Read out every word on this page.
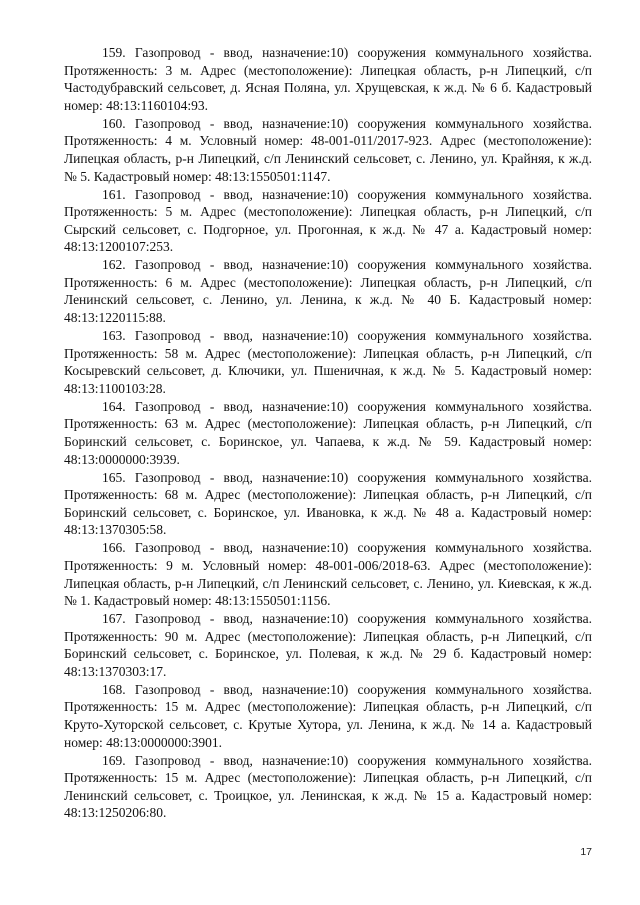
159. Газопровод - ввод, назначение:10) сооружения коммунального хозяйства. Протяженность: 3 м. Адрес (местоположение): Липецкая область, р-н Липецкий, с/п Частодубравский сельсовет, д. Ясная Поляна, ул. Хрущевская, к ж.д. № 6 б. Кадастровый номер: 48:13:1160104:93.

160. Газопровод - ввод, назначение:10) сооружения коммунального хозяйства. Протяженность: 4 м. Условный номер: 48-001-011/2017-923. Адрес (местоположение): Липецкая область, р-н Липецкий, с/п Ленинский сельсовет, с. Ленино, ул. Крайняя, к ж.д. № 5. Кадастровый номер: 48:13:1550501:1147.

161. Газопровод - ввод, назначение:10) сооружения коммунального хозяйства. Протяженность: 5 м. Адрес (местоположение): Липецкая область, р-н Липецкий, с/п Сырский сельсовет, с. Подгорное, ул. Прогонная, к ж.д. № 47 а. Кадастровый номер: 48:13:1200107:253.

162. Газопровод - ввод, назначение:10) сооружения коммунального хозяйства. Протяженность: 6 м. Адрес (местоположение): Липецкая область, р-н Липецкий, с/п Ленинский сельсовет, с. Ленино, ул. Ленина, к ж.д. № 40 Б. Кадастровый номер: 48:13:1220115:88.

163. Газопровод - ввод, назначение:10) сооружения коммунального хозяйства. Протяженность: 58 м. Адрес (местоположение): Липецкая область, р-н Липецкий, с/п Косыревский сельсовет, д. Ключики, ул. Пшеничная, к ж.д. № 5. Кадастровый номер: 48:13:1100103:28.

164. Газопровод - ввод, назначение:10) сооружения коммунального хозяйства. Протяженность: 63 м. Адрес (местоположение): Липецкая область, р-н Липецкий, с/п Боринский сельсовет, с. Боринское, ул. Чапаева, к ж.д. № 59. Кадастровый номер: 48:13:0000000:3939.

165. Газопровод - ввод, назначение:10) сооружения коммунального хозяйства. Протяженность: 68 м. Адрес (местоположение): Липецкая область, р-н Липецкий, с/п Боринский сельсовет, с. Боринское, ул. Ивановка, к ж.д. № 48 а. Кадастровый номер: 48:13:1370305:58.

166. Газопровод - ввод, назначение:10) сооружения коммунального хозяйства. Протяженность: 9 м. Условный номер: 48-001-006/2018-63. Адрес (местоположение): Липецкая область, р-н Липецкий, с/п Ленинский сельсовет, с. Ленино, ул. Киевская, к ж.д. № 1. Кадастровый номер: 48:13:1550501:1156.

167. Газопровод - ввод, назначение:10) сооружения коммунального хозяйства. Протяженность: 90 м. Адрес (местоположение): Липецкая область, р-н Липецкий, с/п Боринский сельсовет, с. Боринское, ул. Полевая, к ж.д. № 29 б. Кадастровый номер: 48:13:1370303:17.

168. Газопровод - ввод, назначение:10) сооружения коммунального хозяйства. Протяженность: 15 м. Адрес (местоположение): Липецкая область, р-н Липецкий, с/п Круто-Хуторской сельсовет, с. Крутые Хутора, ул. Ленина, к ж.д. № 14 а. Кадастровый номер: 48:13:0000000:3901.

169. Газопровод - ввод, назначение:10) сооружения коммунального хозяйства. Протяженность: 15 м. Адрес (местоположение): Липецкая область, р-н Липецкий, с/п Ленинский сельсовет, с. Троицкое, ул. Ленинская, к ж.д. № 15 а. Кадастровый номер: 48:13:1250206:80.

17
